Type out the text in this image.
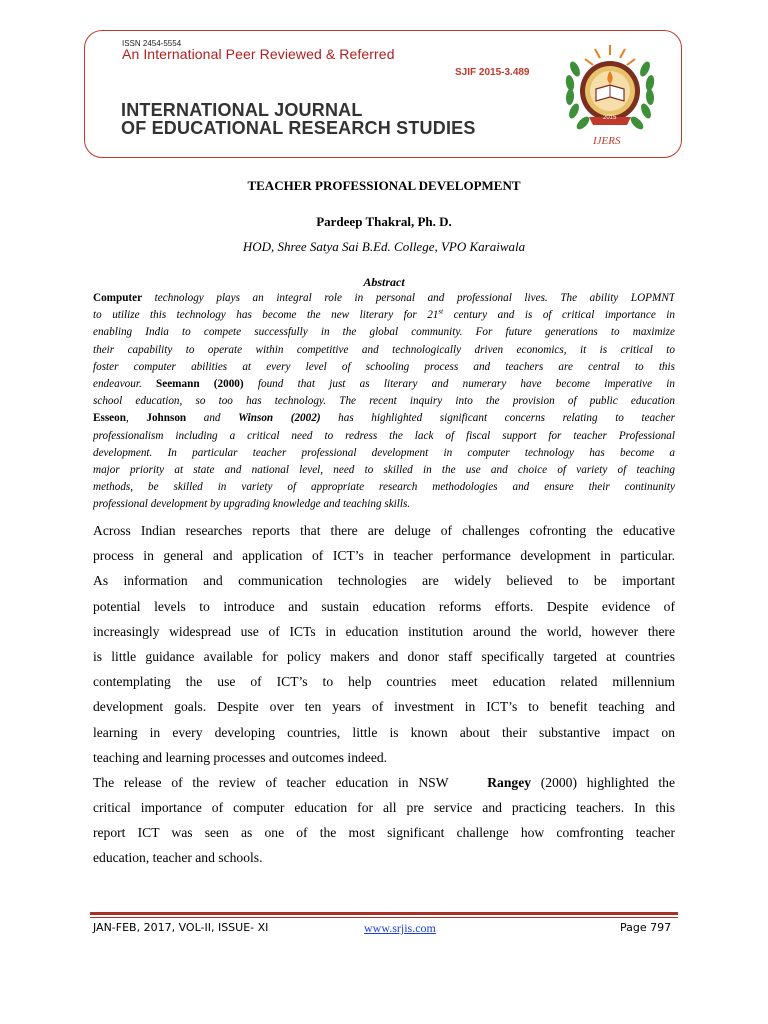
ISSN 2454-5554
An International Peer Reviewed & Referred
SJIF 2015-3.489
INTERNATIONAL JOURNAL
OF EDUCATIONAL RESEARCH STUDIES	2015
IJERS
TEACHER PROFESSIONAL DEVELOPMENT
Pardeep Thakral, Ph. D.
HOD, Shree Satya Sai B.Ed. College, VPO Karaiwala
Abstract
Computer technology plays an integral role in personal and professional lives. The ability LOPMNT
to utilize this technology has become the new literary for 21st century and is of critical importance in
enabling India to compete successfully in the global community. For future generations to maximize
their capability to operate within competitive and technologically driven economics, it is critical to
foster computer abilities at every level of schooling process and teachers are central to this
endeavour. Seemann (2000) found that just as literary and numerary have become imperative in
school education, so too has technology. The recent inquiry into the provision of public education
Esseon, Johnson and Winson (2002) has highlighted significant concerns relating to teacher
professionalism including a critical need to redress the lack of fiscal support for teacher Professional
development. In particular teacher professional development in computer technology has become a
major priority at state and national level, need to skilled in the use and choice of variety of teaching
methods, be skilled in variety of appropriate research methodologies and ensure their continunity
professional development by upgrading knowledge and teaching skills.
Across Indian researches reports that there are deluge of challenges cofronting the educative
process in general and application of ICT’s in teacher performance development in particular.
As information and communication technologies are widely believed to be important
potential levels to introduce and sustain education reforms efforts. Despite evidence of
increasingly widespread use of ICTs in education institution around the world, however there
is little guidance available for policy makers and donor staff specifically targeted at countries
contemplating the use of ICT’s to help countries meet education related millennium
development goals. Despite over ten years of investment in ICT’s to benefit teaching and
learning in every developing countries, little is known about their substantive impact on
teaching and learning processes and outcomes indeed.
The release of the review of teacher education in NSW    Rangey (2000) highlighted the
critical importance of computer education for all pre service and practicing teachers. In this
report ICT was seen as one of the most significant challenge how comfronting teacher
education, teacher and schools.
JAN-FEB, 2017, VOL-II, ISSUE- XI	www.srjis.com	Page 797
